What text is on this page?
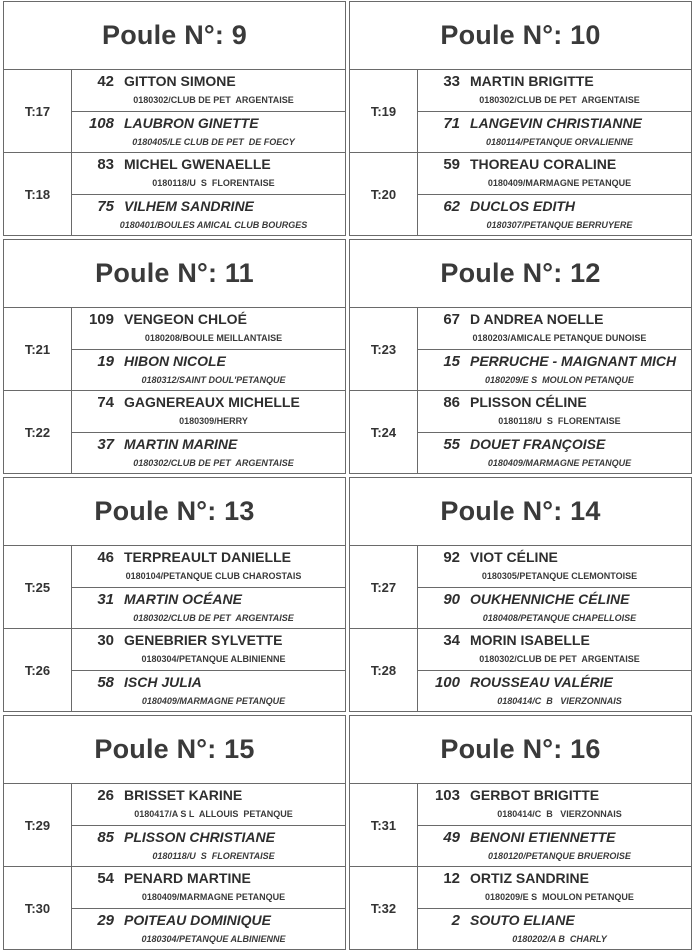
Poule N°: 9
T:17
42 GITTON SIMONE
0180302/CLUB DE PET  ARGENTAISE
108 LAUBRON GINETTE
0180405/LE CLUB DE PET  DE FOECY
T:18
83 MICHEL GWENAELLE
0180118/U  S  FLORENTAISE
75 VILHEM SANDRINE
0180401/BOULES AMICAL CLUB BOURGES
Poule N°: 10
T:19
33 MARTIN BRIGITTE
0180302/CLUB DE PET  ARGENTAISE
71 LANGEVIN CHRISTIANNE
0180114/PETANQUE ORVALIENNE
T:20
59 THOREAU CORALINE
0180409/MARMAGNE PETANQUE
62 DUCLOS EDITH
0180307/PETANQUE BERRUYERE
Poule N°: 11
T:21
109 VENGEON CHLOÉ
0180208/BOULE MEILLANTAISE
19 HIBON NICOLE
0180312/SAINT DOUL'PETANQUE
T:22
74 GAGNEREAUX MICHELLE
0180309/HERRY
37 MARTIN MARINE
0180302/CLUB DE PET  ARGENTAISE
Poule N°: 12
T:23
67 D ANDREA NOELLE
0180203/AMICALE PETANQUE DUNOISE
15 PERRUCHE - MAIGNANT MICH
0180209/E S  MOULON PETANQUE
T:24
86 PLISSON CÉLINE
0180118/U  S  FLORENTAISE
55 DOUET FRANÇOISE
0180409/MARMAGNE PETANQUE
Poule N°: 13
T:25
46 TERPREAULT DANIELLE
0180104/PETANQUE CLUB CHAROSTAIS
31 MARTIN OCÉANE
0180302/CLUB DE PET  ARGENTAISE
T:26
30 GENEBRIER SYLVETTE
0180304/PETANQUE ALBINIENNE
58 ISCH JULIA
0180409/MARMAGNE PETANQUE
Poule N°: 14
T:27
92 VIOT CÉLINE
0180305/PETANQUE CLEMONTOISE
90 OUKHENNICHE CÉLINE
0180408/PETANQUE CHAPELLOISE
T:28
34 MORIN ISABELLE
0180302/CLUB DE PET  ARGENTAISE
100 ROUSSEAU VALÉRIE
0180414/C  B   VIERZONNAIS
Poule N°: 15
T:29
26 BRISSET KARINE
0180417/A S L  ALLOUIS  PETANQUE
85 PLISSON CHRISTIANE
0180118/U  S  FLORENTAISE
T:30
54 PENARD MARTINE
0180409/MARMAGNE PETANQUE
29 POITEAU DOMINIQUE
0180304/PETANQUE ALBINIENNE
Poule N°: 16
T:31
103 GERBOT BRIGITTE
0180414/C  B   VIERZONNAIS
49 BENONI ETIENNETTE
0180120/PETANQUE BRUEROISE
T:32
12 ORTIZ SANDRINE
0180209/E S  MOULON PETANQUE
2 SOUTO ELIANE
0180202/A B  CHARLY
